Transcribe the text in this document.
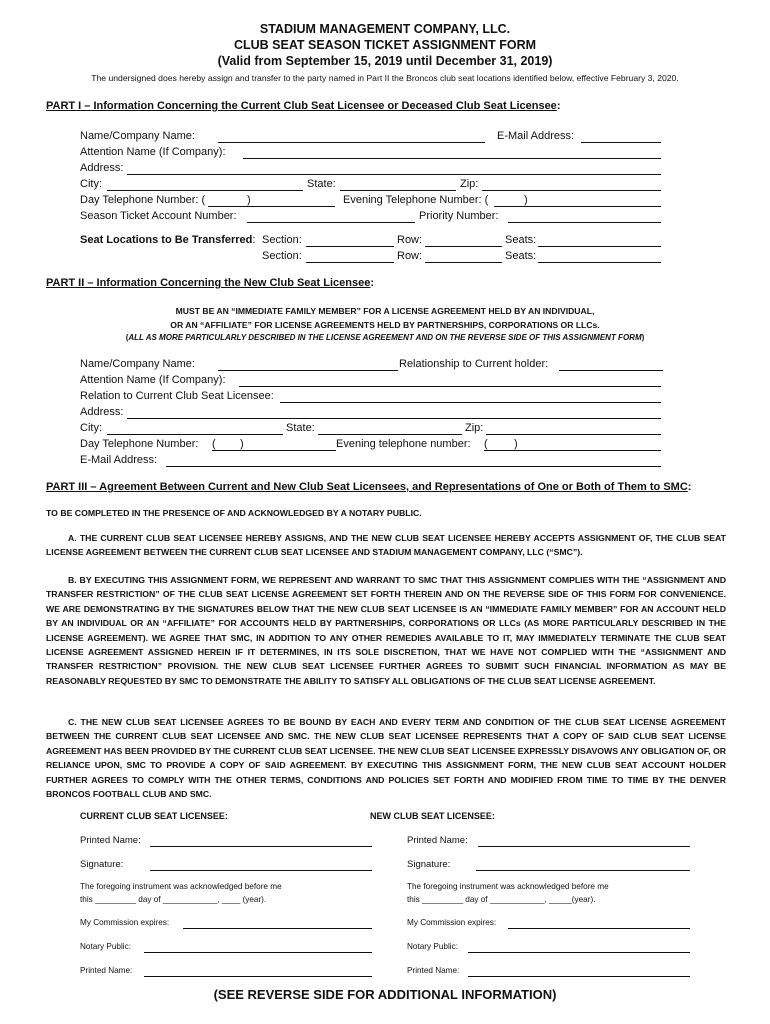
STADIUM MANAGEMENT COMPANY, LLC.
CLUB SEAT SEASON TICKET ASSIGNMENT FORM
(Valid from September 15, 2019 until December 31, 2019)
The undersigned does hereby assign and transfer to the party named in Part II the Broncos club seat locations identified below, effective February 3, 2020.
PART I – Information Concerning the Current Club Seat Licensee or Deceased Club Seat Licensee:
Name/Company Name:	E-Mail Address:
Attention Name (If Company):
Address:
City:	State:	Zip:
Day Telephone Number: (	)	Evening Telephone Number: (	)
Season Ticket Account Number:	Priority Number:
Seat Locations to Be Transferred: Section:	Row:	Seats:
Section:	Row:	Seats:
PART II – Information Concerning the New Club Seat Licensee:
MUST BE AN “IMMEDIATE FAMILY MEMBER” FOR A LICENSE AGREEMENT HELD BY AN INDIVIDUAL,
OR AN “AFFILIATE” FOR LICENSE AGREEMENTS HELD BY PARTNERSHIPS, CORPORATIONS OR LLCs.
(ALL AS MORE PARTICULARLY DESCRIBED IN THE LICENSE AGREEMENT AND ON THE REVERSE SIDE OF THIS ASSIGNMENT FORM)
Name/Company Name:	Relationship to Current holder:
Attention Name (If Company):
Relation to Current Club Seat Licensee:
Address:
City:	State:	Zip:
Day Telephone Number: ( )	Evening telephone number: ( )
E-Mail Address:
PART III – Agreement Between Current and New Club Seat Licensees, and Representations of One or Both of Them to SMC:
TO BE COMPLETED IN THE PRESENCE OF AND ACKNOWLEDGED BY A NOTARY PUBLIC.
A. THE CURRENT CLUB SEAT LICENSEE HEREBY ASSIGNS, AND THE NEW CLUB SEAT LICENSEE HEREBY ACCEPTS ASSIGNMENT OF, THE CLUB SEAT LICENSE AGREEMENT BETWEEN THE CURRENT CLUB SEAT LICENSEE AND STADIUM MANAGEMENT COMPANY, LLC (“SMC”).
B. BY EXECUTING THIS ASSIGNMENT FORM, WE REPRESENT AND WARRANT TO SMC THAT THIS ASSIGNMENT COMPLIES WITH THE “ASSIGNMENT AND TRANSFER RESTRICTION” OF THE CLUB SEAT LICENSE AGREEMENT SET FORTH THEREIN AND ON THE REVERSE SIDE OF THIS FORM FOR CONVENIENCE. WE ARE DEMONSTRATING BY THE SIGNATURES BELOW THAT THE NEW CLUB SEAT LICENSEE IS AN “IMMEDIATE FAMILY MEMBER” FOR AN ACCOUNT HELD BY AN INDIVIDUAL OR AN “AFFILIATE” FOR ACCOUNTS HELD BY PARTNERSHIPS, CORPORATIONS OR LLCs (AS MORE PARTICULARLY DESCRIBED IN THE LICENSE AGREEMENT). WE AGREE THAT SMC, IN ADDITION TO ANY OTHER REMEDIES AVAILABLE TO IT, MAY IMMEDIATELY TERMINATE THE CLUB SEAT LICENSE AGREEMENT ASSIGNED HEREIN IF IT DETERMINES, IN ITS SOLE DISCRETION, THAT WE HAVE NOT COMPLIED WITH THE “ASSIGNMENT AND TRANSFER RESTRICTION” PROVISION. THE NEW CLUB SEAT LICENSEE FURTHER AGREES TO SUBMIT SUCH FINANCIAL INFORMATION AS MAY BE REASONABLY REQUESTED BY SMC TO DEMONSTRATE THE ABILITY TO SATISFY ALL OBLIGATIONS OF THE CLUB SEAT LICENSE AGREEMENT.
C. THE NEW CLUB SEAT LICENSEE AGREES TO BE BOUND BY EACH AND EVERY TERM AND CONDITION OF THE CLUB SEAT LICENSE AGREEMENT BETWEEN THE CURRENT CLUB SEAT LICENSEE AND SMC. THE NEW CLUB SEAT LICENSEE REPRESENTS THAT A COPY OF SAID CLUB SEAT LICENSE AGREEMENT HAS BEEN PROVIDED BY THE CURRENT CLUB SEAT LICENSEE. THE NEW CLUB SEAT LICENSEE EXPRESSLY DISAVOWS ANY OBLIGATION OF, OR RELIANCE UPON, SMC TO PROVIDE A COPY OF SAID AGREEMENT. BY EXECUTING THIS ASSIGNMENT FORM, THE NEW CLUB SEAT ACCOUNT HOLDER FURTHER AGREES TO COMPLY WITH THE OTHER TERMS, CONDITIONS AND POLICIES SET FORTH AND MODIFIED FROM TIME TO TIME BY THE DENVER BRONCOS FOOTBALL CLUB AND SMC.
CURRENT CLUB SEAT LICENSEE:	NEW CLUB SEAT LICENSEE:
Printed Name:	Printed Name:
Signature:	Signature:
The foregoing instrument was acknowledged before me
this _________ day of ____________, ____ (year).
The foregoing instrument was acknowledged before me
this _________ day of ____________, _____(year).
My Commission expires:	My Commission expires:
Notary Public:	Notary Public:
Printed Name:	Printed Name:
(SEE REVERSE SIDE FOR ADDITIONAL INFORMATION)
